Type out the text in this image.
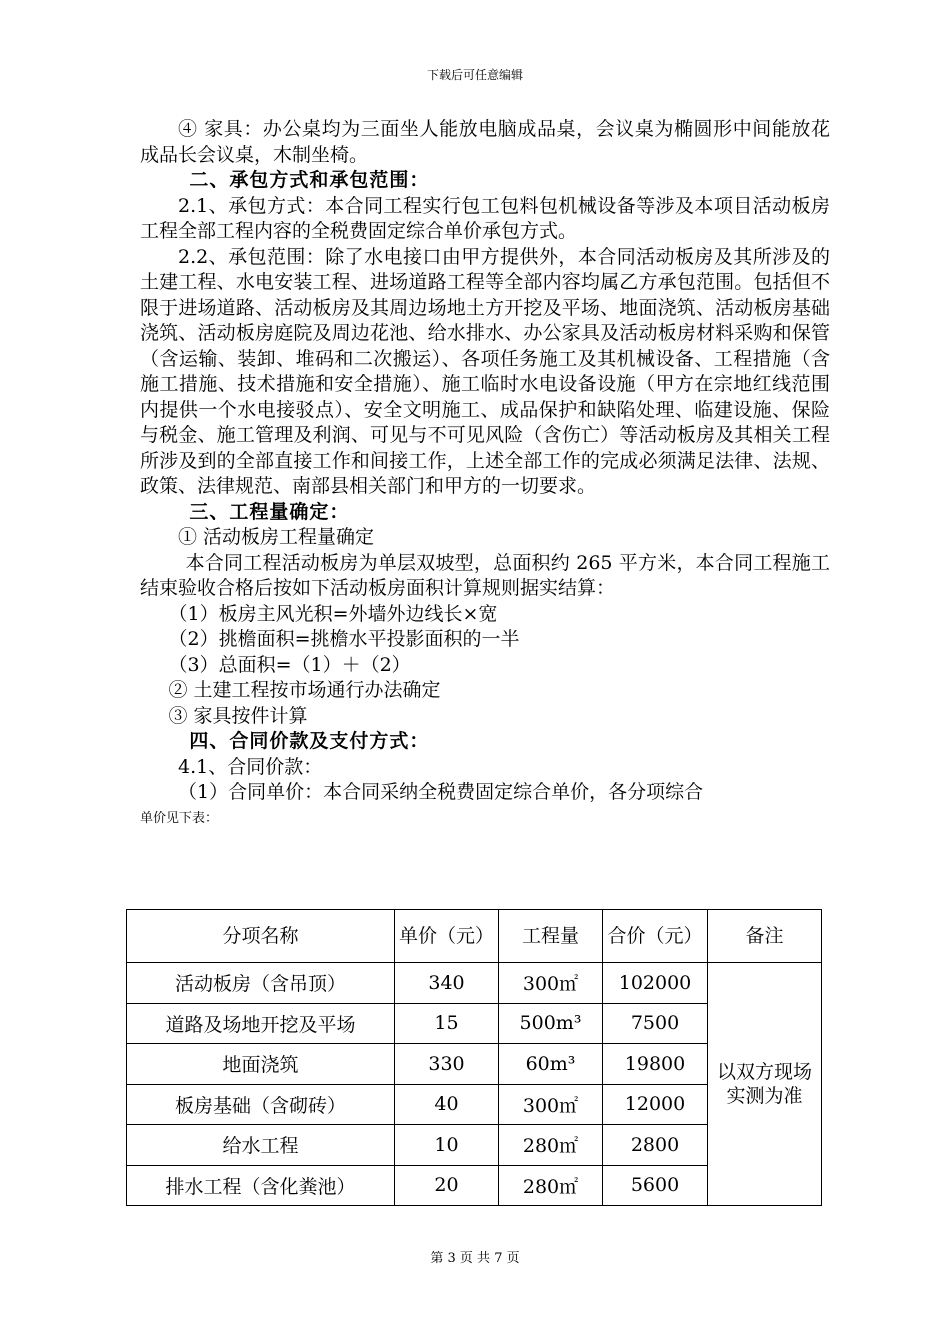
下载后可任意编辑

④ 家具：办公桌均为三面坐人能放电脑成品桌，会议桌为椭圆形中间能放花成品长会议桌，木制坐椅。

二、承包方式和承包范围：

2.1、承包方式：本合同工程实行包工包料包机械设备等涉及本项目活动板房工程全部工程内容的全税费固定综合单价承包方式。

2.2、承包范围：除了水电接口由甲方提供外，本合同活动板房及其所涉及的土建工程、水电安装工程、进场道路工程等全部内容均属乙方承包范围。包括但不限于进场道路、活动板房及其周边场地土方开挖及平场、地面浇筑、活动板房基础浇筑、活动板房庭院及周边花池、给水排水、办公家具及活动板房材料采购和保管（含运输、装卸、堆码和二次搬运）、各项任务施工及其机械设备、工程措施（含施工措施、技术措施和安全措施）、施工临时水电设备设施（甲方在宗地红线范围内提供一个水电接驳点）、安全文明施工、成品保护和缺陷处理、临建设施、保险与税金、施工管理及利润、可见与不可见风险（含伤亡）等活动板房及其相关工程所涉及到的全部直接工作和间接工作，上述全部工作的完成必须满足法律、法规、政策、法律规范、南部县相关部门和甲方的一切要求。

三、工程量确定：

① 活动板房工程量确定

本合同工程活动板房为单层双坡型，总面积约 265 平方米，本合同工程施工结束验收合格后按如下活动板房面积计算规则据实结算：

（1）板房主风光积=外墙外边线长×宽

（2）挑檐面积=挑檐水平投影面积的一半

（3）总面积=（1）＋（2）

② 土建工程按市场通行办法确定

③ 家具按件计算

四、合同价款及支付方式：

4.1、合同价款：

（1）合同单价：本合同采纳全税费固定综合单价，各分项综合

单价见下表：

分项名称	单价（元）	工程量	合价（元）	备注
活动板房（含吊顶）	340	300㎡	102000	以双方现场实测为准
道路及场地开挖及平场	15	500m³	7500	
地面浇筑	330	60m³	19800	
板房基础（含砌砖）	40	300㎡	12000	
给水工程	10	280㎡	2800	
排水工程（含化粪池）	20	280㎡	5600	
第 3 页 共 7 页
